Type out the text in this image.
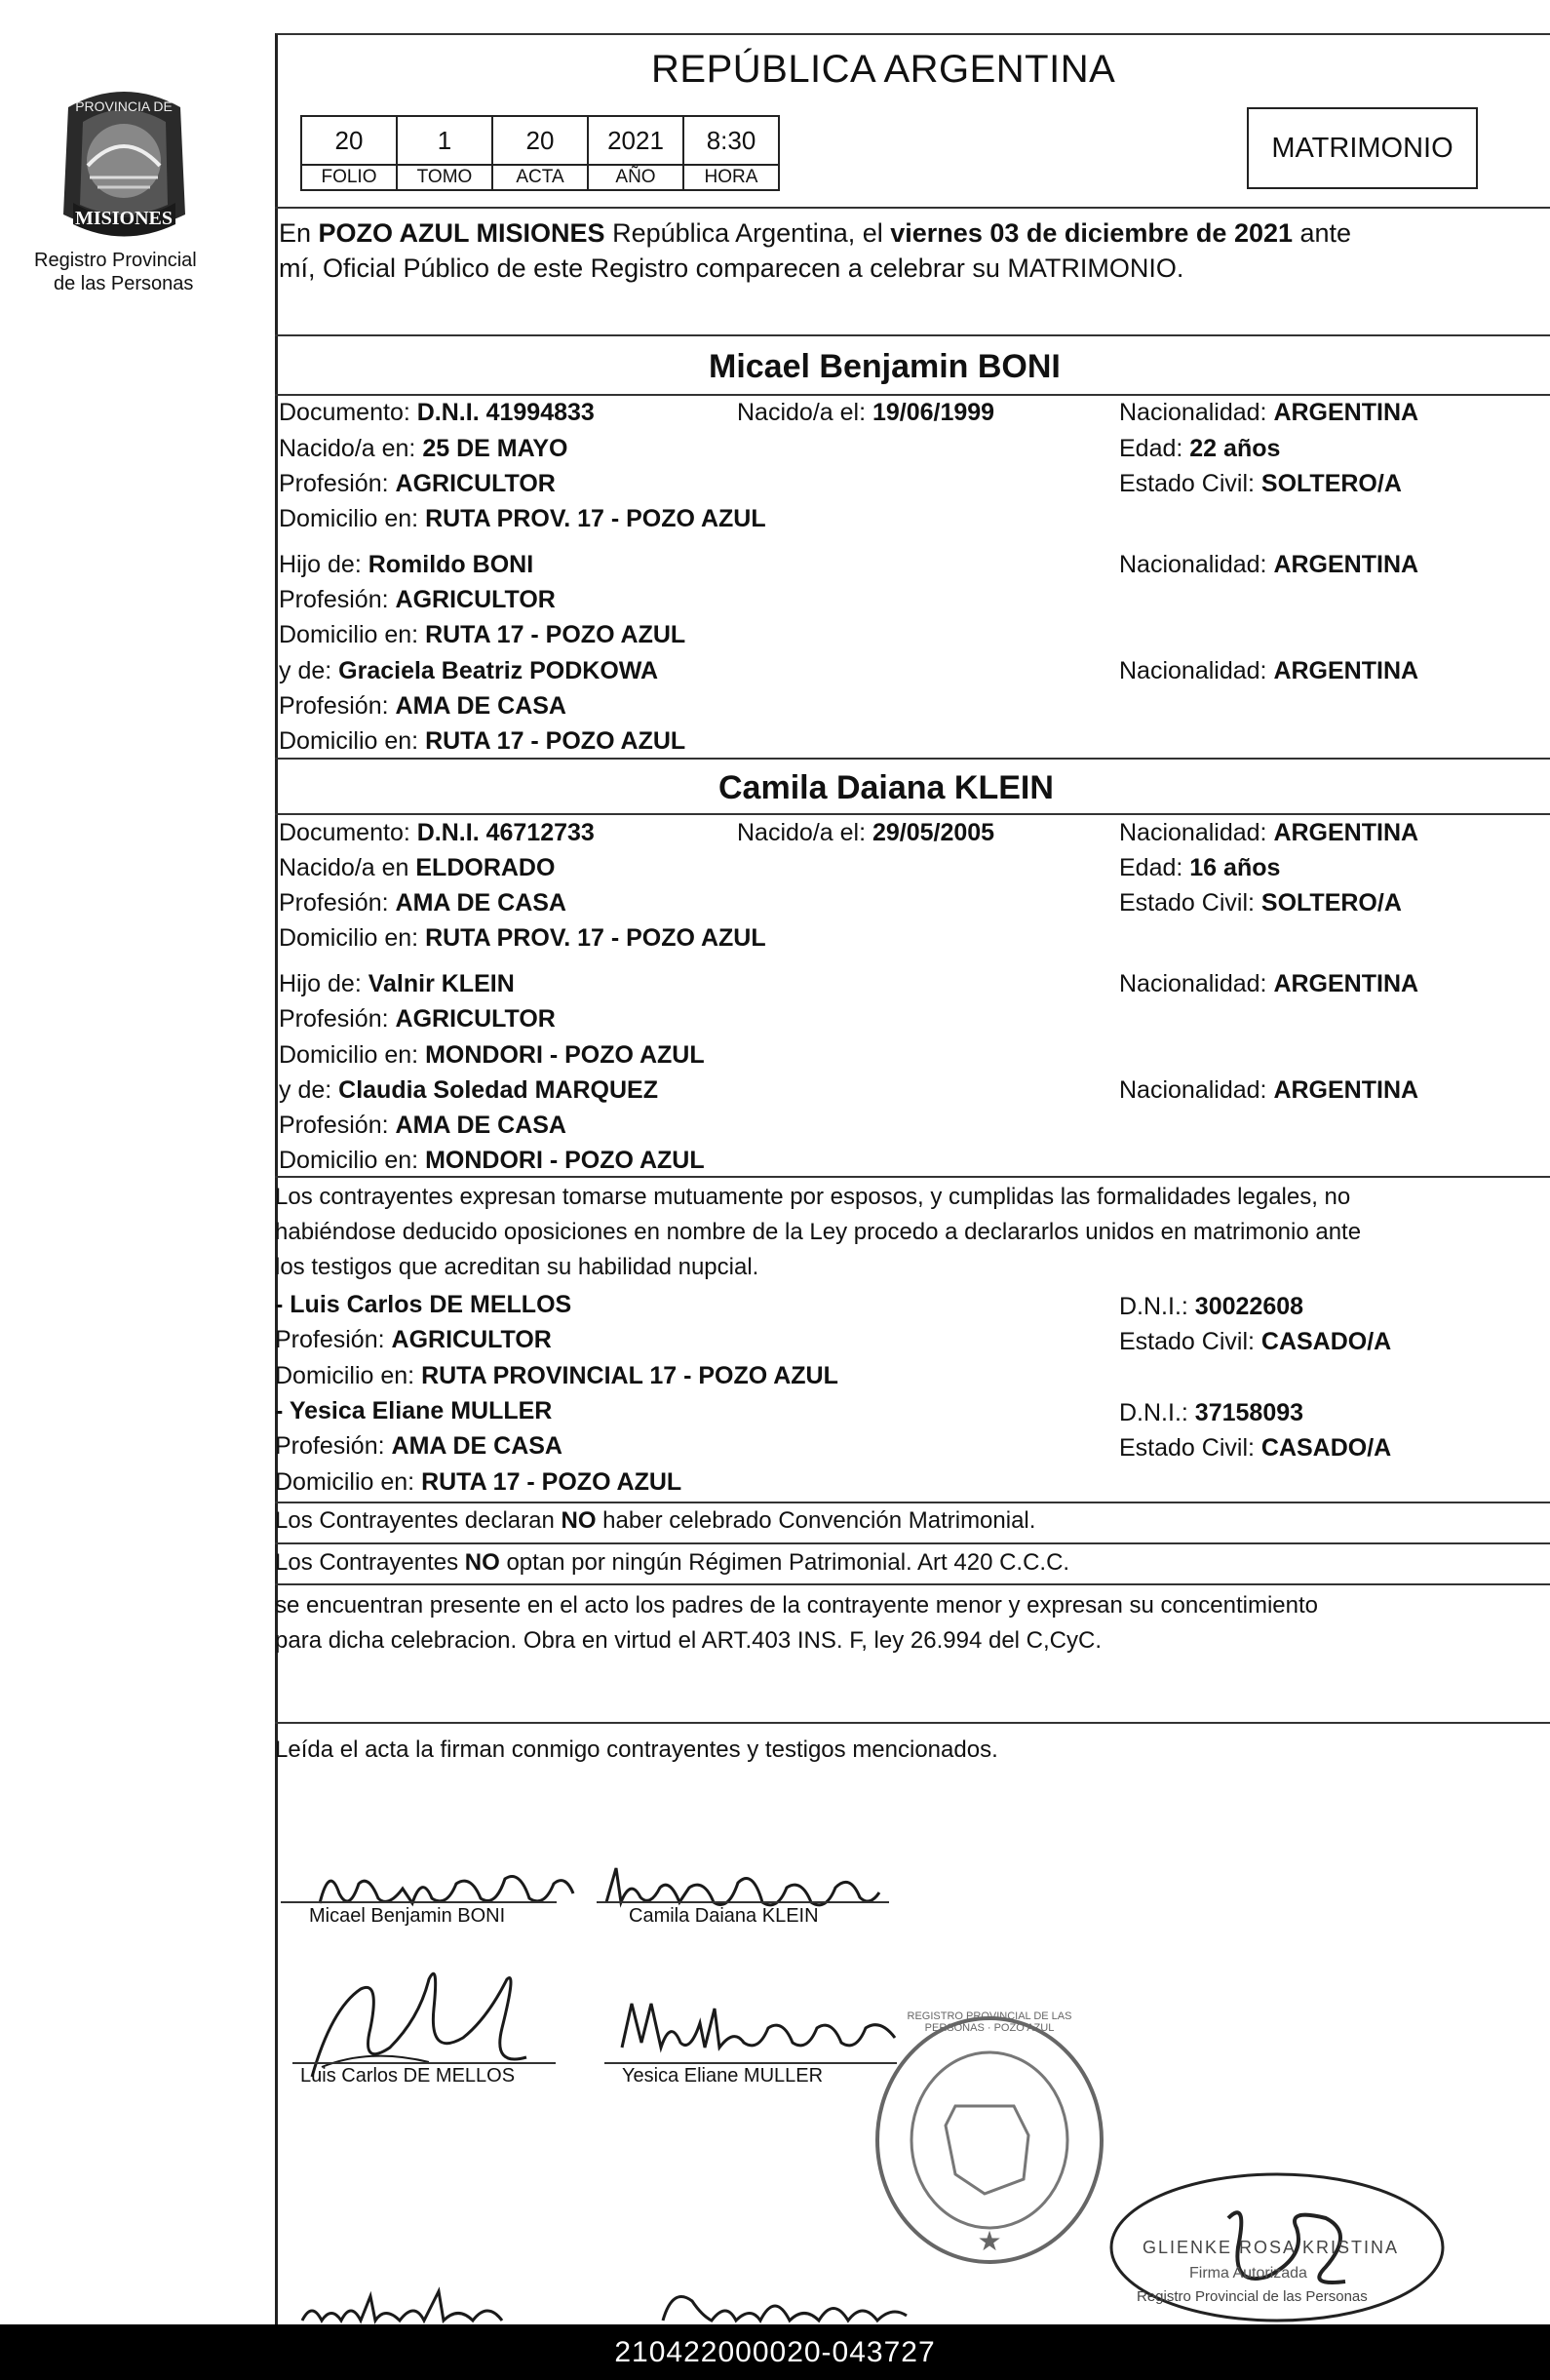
PROVINCIA DE
MISIONES
Registro Provincial
de las Personas
REPÚBLICA ARGENTINA
20	1	20	2021	8:30
FOLIO	TOMO	ACTA	AÑO	HORA
MATRIMONIO
En POZO AZUL MISIONES República Argentina, el viernes 03 de diciembre de 2021 ante
mí, Oficial Público de este Registro comparecen a celebrar su MATRIMONIO.
Micael Benjamin BONI
Documento: D.N.I. 41994833	Nacido/a el: 19/06/1999	Nacionalidad: ARGENTINA
Nacido/a en: 25 DE MAYO	Edad: 22 años
Profesión: AGRICULTOR	Estado Civil: SOLTERO/A
Domicilio en: RUTA PROV. 17 - POZO AZUL
Hijo de: Romildo BONI	Nacionalidad: ARGENTINA
Profesión: AGRICULTOR
Domicilio en: RUTA 17 - POZO AZUL
y de: Graciela Beatriz PODKOWA	Nacionalidad: ARGENTINA
Profesión: AMA DE CASA
Domicilio en: RUTA 17 - POZO AZUL
Camila Daiana KLEIN
Documento: D.N.I. 46712733	Nacido/a el: 29/05/2005	Nacionalidad: ARGENTINA
Nacido/a en ELDORADO	Edad: 16 años
Profesión: AMA DE CASA	Estado Civil: SOLTERO/A
Domicilio en: RUTA PROV. 17 - POZO AZUL
Hijo de: Valnir KLEIN	Nacionalidad: ARGENTINA
Profesión: AGRICULTOR
Domicilio en: MONDORI - POZO AZUL
y de: Claudia Soledad MARQUEZ	Nacionalidad: ARGENTINA
Profesión: AMA DE CASA
Domicilio en: MONDORI - POZO AZUL
Los contrayentes expresan tomarse mutuamente por esposos, y cumplidas las formalidades legales, no
habiéndose deducido oposiciones en nombre de la Ley procedo a declararlos unidos en matrimonio ante
los testigos que acreditan su habilidad nupcial.
- Luis Carlos DE MELLOS	D.N.I.: 30022608
Profesión: AGRICULTOR	Estado Civil: CASADO/A
Domicilio en: RUTA PROVINCIAL 17 - POZO AZUL
- Yesica Eliane MULLER	D.N.I.: 37158093
Profesión: AMA DE CASA	Estado Civil: CASADO/A
Domicilio en: RUTA 17 - POZO AZUL
Los Contrayentes declaran NO haber celebrado Convención Matrimonial.
Los Contrayentes NO optan por ningún Régimen Patrimonial. Art 420 C.C.C.
se encuentran presente en el acto los padres de la contrayente menor y expresan su concentimiento
para dicha celebracion. Obra en virtud el ART.403 INS. F, ley 26.994 del C,CyC.
Leída el acta la firman conmigo contrayentes y testigos mencionados.
Micael Benjamin BONI	Camila Daiana KLEIN
Luis Carlos DE MELLOS	Yesica Eliane MULLER
★
REGISTRO PROVINCIAL DE LAS PERSONAS · POZO AZUL
GLIENKE ROSA KRISTINA
Firma Autorizada
Registro Provincial de las Personas
210422000020-043727
